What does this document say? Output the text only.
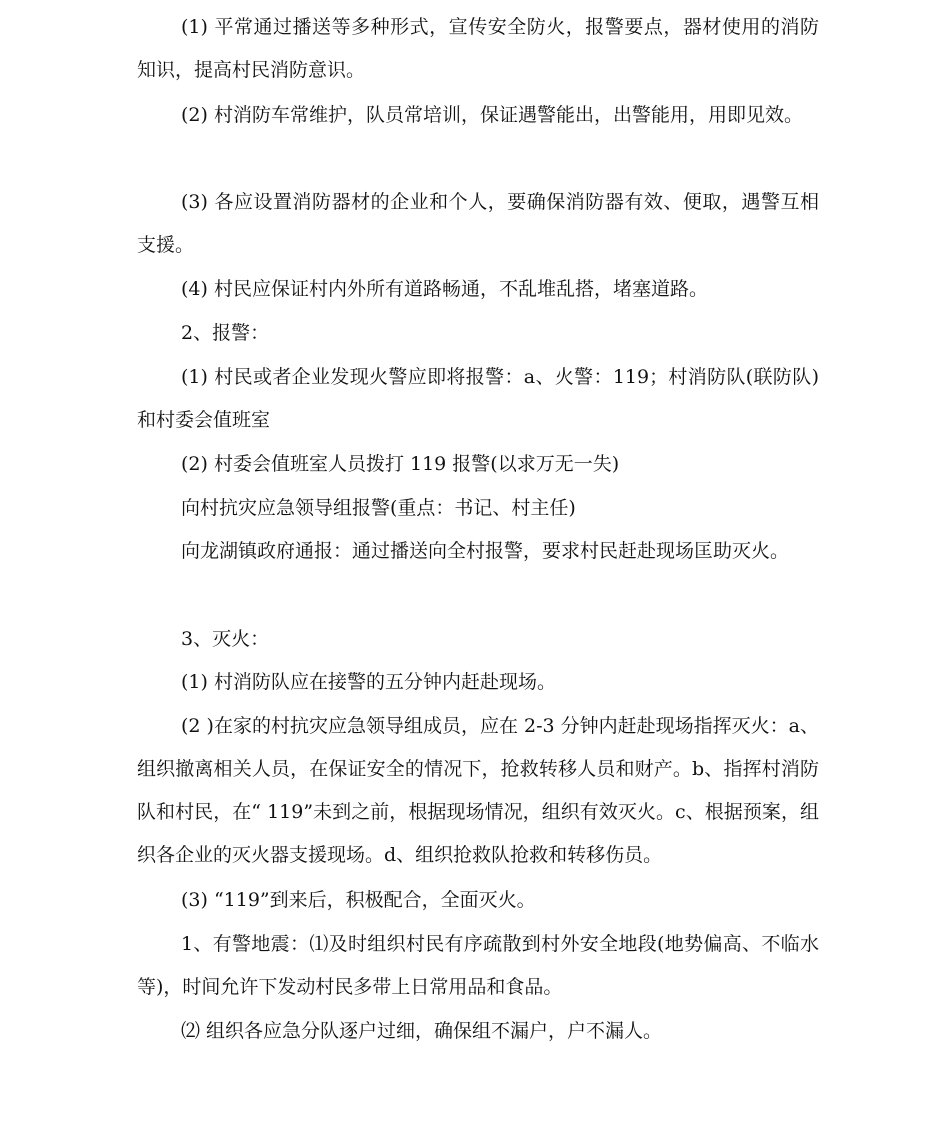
(1) 平常通过播送等多种形式，宣传安全防火，报警要点，器材使用的消防知识，提高村民消防意识。

(2) 村消防车常维护，队员常培训，保证遇警能出，出警能用，用即见效。

(3) 各应设置消防器材的企业和个人，要确保消防器有效、便取，遇警互相支援。

(4) 村民应保证村内外所有道路畅通，不乱堆乱搭，堵塞道路。

2、报警：

(1) 村民或者企业发现火警应即将报警：a、火警：119；村消防队(联防队)和村委会值班室

(2) 村委会值班室人员拨打 119 报警(以求万无一失)

向村抗灾应急领导组报警(重点：书记、村主任)

向龙湖镇政府通报：通过播送向全村报警，要求村民赶赴现场匡助灭火。

3、灭火：

(1) 村消防队应在接警的五分钟内赶赴现场。

(2 )在家的村抗灾应急领导组成员，应在 2-3 分钟内赶赴现场指挥灭火：a、组织撤离相关人员，在保证安全的情况下，抢救转移人员和财产。b、指挥村消防队和村民，在“ 119”未到之前，根据现场情况，组织有效灭火。c、根据预案，组织各企业的灭火器支援现场。d、组织抢救队抢救和转移伤员。

(3) “119”到来后，积极配合，全面灭火。

1、有警地震：⑴及时组织村民有序疏散到村外安全地段(地势偏高、不临水等)，时间允许下发动村民多带上日常用品和食品。

⑵ 组织各应急分队逐户过细，确保组不漏户，户不漏人。
